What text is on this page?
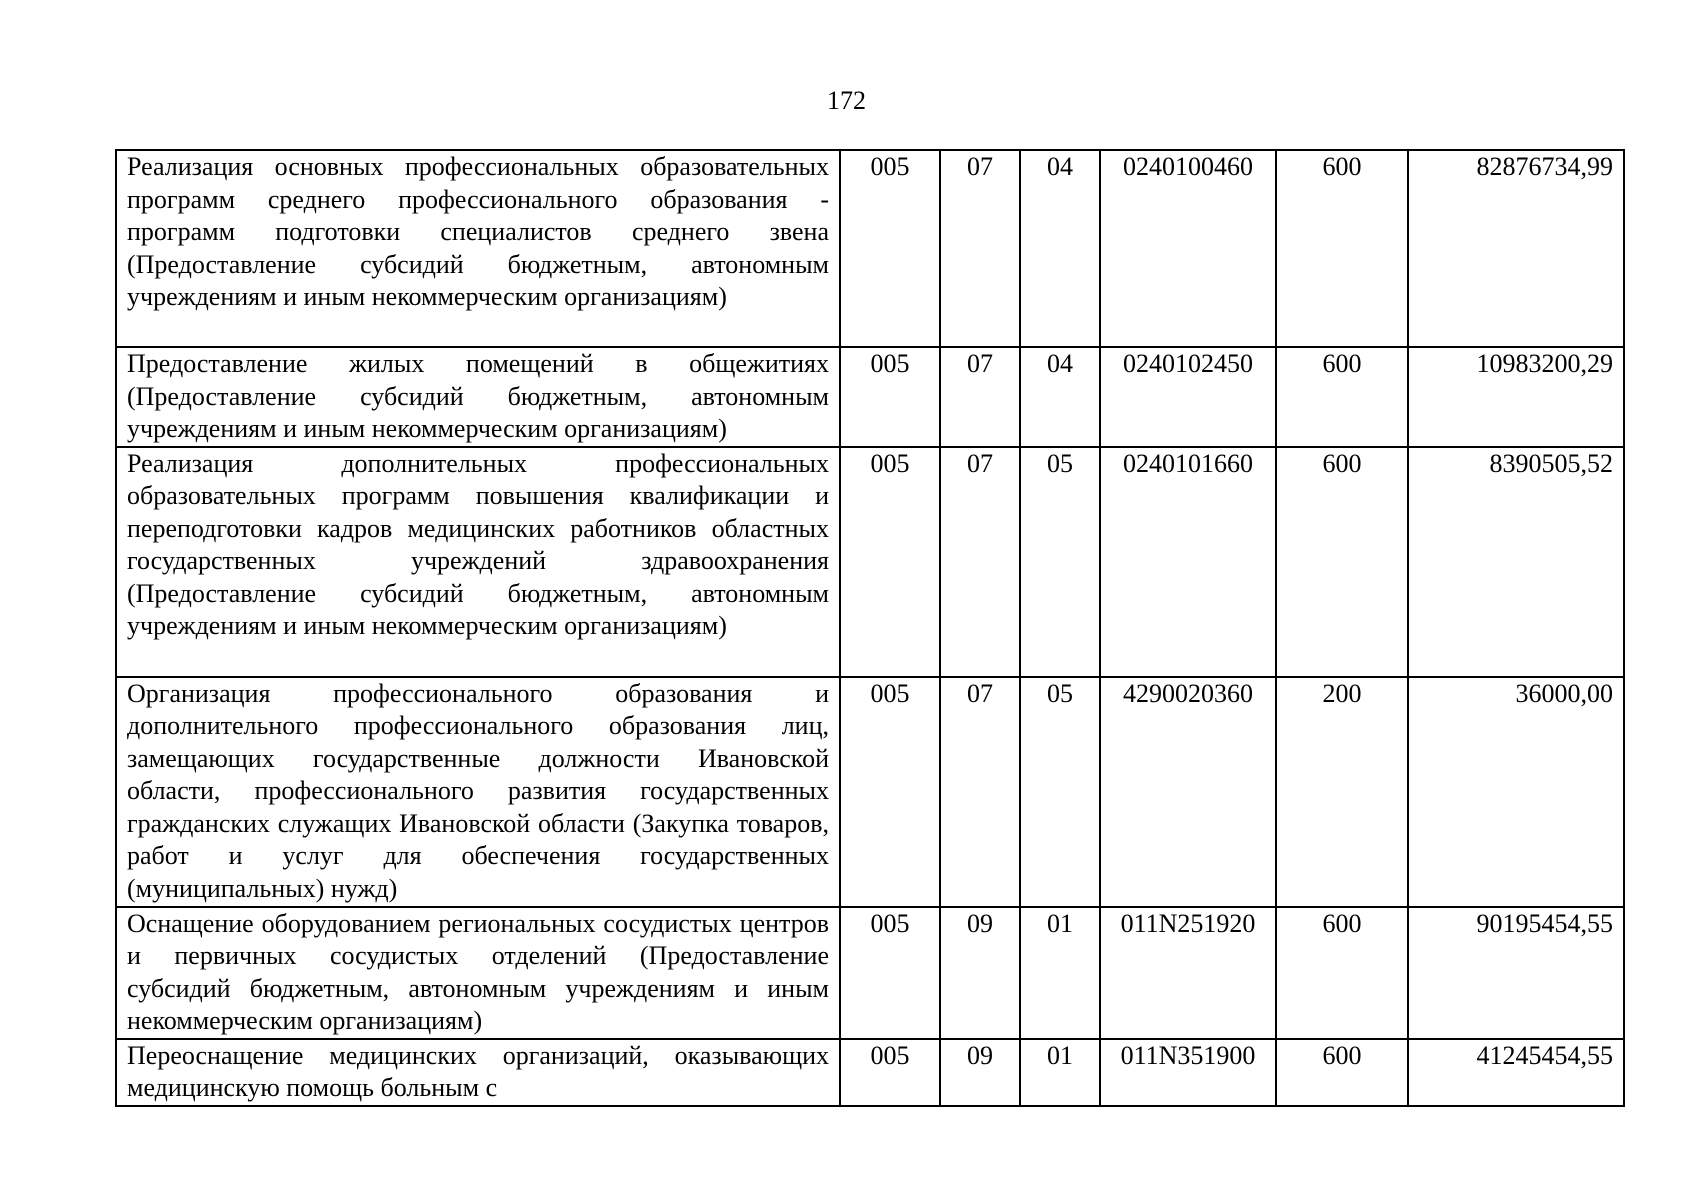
172
Реализация основных профессиональных образовательных программ среднего профессионального образования - программ подготовки специалистов среднего звена (Предоставление субсидий бюджетным, автономным учреждениям и иным некоммерческим организациям)	005	07	04	0240100460	600	82876734,99
Предоставление жилых помещений в общежитиях (Предоставление субсидий бюджетным, автономным учреждениям и иным некоммерческим организациям)	005	07	04	0240102450	600	10983200,29
Реализация дополнительных профессиональных образовательных программ повышения квалификации и переподготовки кадров медицинских работников областных государственных учреждений здравоохранения (Предоставление субсидий бюджетным, автономным учреждениям и иным некоммерческим организациям)	005	07	05	0240101660	600	8390505,52
Организация профессионального образования и дополнительного профессионального образования лиц, замещающих государственные должности Ивановской области, профессионального развития государственных гражданских служащих Ивановской области (Закупка товаров, работ и услуг для обеспечения государственных (муниципальных) нужд)	005	07	05	4290020360	200	36000,00
Оснащение оборудованием региональных сосудистых центров и первичных сосудистых отделений (Предоставление субсидий бюджетным, автономным учреждениям и иным некоммерческим организациям)	005	09	01	011N251920	600	90195454,55
Переоснащение медицинских организаций, оказывающих медицинскую помощь больным с	005	09	01	011N351900	600	41245454,55
